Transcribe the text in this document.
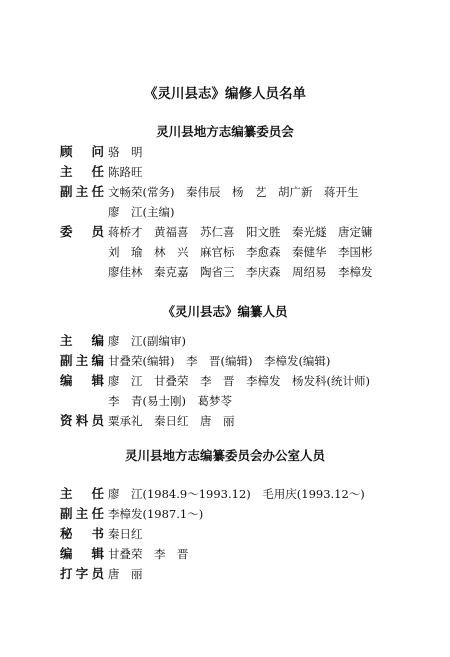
《灵川县志》编修人员名单
灵川县地方志编纂委员会
顾问 骆　明
主任 陈路旺
副主任 文畅荣(常务)　秦伟辰　杨　艺　胡广新　蒋开生
廖　江(主编)
委员 蒋桥才　黄福喜　苏仁喜　阳文胜　秦光燧　唐定镛
刘　瑜　林　兴　麻官标　李愈森　秦健华　李国彬
廖佳林　秦克嘉　陶省三　李庆森　周绍易　李樟发
《灵川县志》编纂人员
主编 廖　江(副编审)
副主编 甘叠荣(编辑)　李　晋(编辑)　李樟发(编辑)
编辑 廖　江　甘叠荣　李　晋　李樟发　杨发科(统计师)
李　青(易士刚)　葛梦苓
资料员 粟承礼　秦日红　唐　丽
灵川县地方志编纂委员会办公室人员
主任 廖　江(1984.9～1993.12)　毛用庆(1993.12～)
副主任 李樟发(1987.1～)
秘书 秦日红
编辑 甘叠荣　李　晋
打字员 唐　丽
